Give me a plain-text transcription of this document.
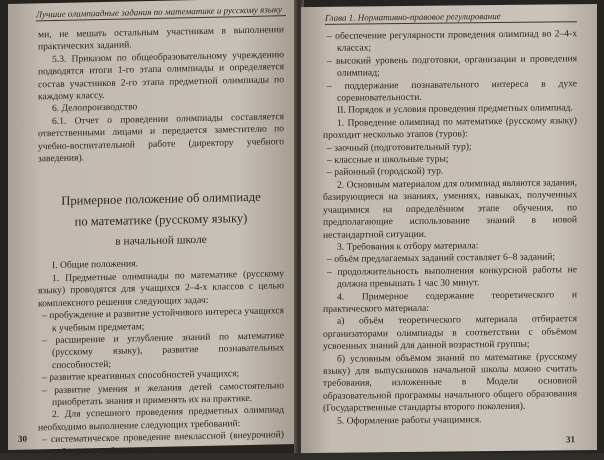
Лучшие олимпиадные задания по математике и русскому языку

ми, не мешать остальным участникам в выполнении практических заданий.

5.3. Приказом по общеобразовательному учреждению подводятся итоги 1-го этапа олимпиады и определяется состав участников 2-го этапа предметной олимпиады по каждому классу.

6. Делопроизводство

6.1. Отчет о проведении олимпиады составляется ответственными лицами и передается заместителю по учебно-воспитательной работе (директору учебного заведения).

Примерное положение об олимпиаде
по математике (русскому языку)
в начальной школе

I. Общие положения.

1. Предметные олимпиады по математике (русскому языку) проводятся для учащихся 2–4-х классов с целью комплексного решения следующих задач:

– пробуждение и развитие устойчивого интереса учащихся к учебным предметам;

– расширение и углубление знаний по математике (русскому языку), развитие познавательных способностей;

– развитие креативных способностей учащихся;

– развитие умения и желания детей самостоятельно приобретать знания и применять их на практике.

2. Для успешного проведения предметных олимпиад необходимо выполнение следующих требований:

– систематическое проведение внеклассной (внеурочной) работы по учебным предметам;

30
Глава 1. Нормативно-правовое регулирование

– обеспечение регулярности проведения олимпиад во 2–4-х классах;

– высокий уровень подготовки, организации и проведения олимпиад;

– поддержание познавательного интереса в духе соревновательности.

II. Порядок и условия проведения предметных олимпиад.

1. Проведение олимпиад по математике (русскому языку) проходит несколько этапов (туров):

– заочный (подготовительный тур);

– классные и школьные туры;

– районный (городской) тур.

2. Основным материалом для олимпиад являются задания, базирующиеся на знаниях, умениях, навыках, полученных учащимися на определённом этапе обучения, по предполагающие использование знаний в новой нестандартной ситуации.

3. Требования к отбору материала:

– объём предлагаемых заданий составляет 6–8 заданий;

– продолжительность выполнения конкурсной работы не должна превышать 1 час 30 минут.

4. Примерное содержание теоретического и практического материала:

а) объём теоретического материала отбирается организаторами олимпиады в соответствии с объёмом усвоенных знаний для данной возрастной группы;

б) условным объёмом знаний по математике (русскому языку) для выпускников начальной школы можно считать требования, изложенные в Модели основной образовательной программы начального общего образования (Государственные стандарты второго поколения).

5. Оформление работы учащимися.

31
